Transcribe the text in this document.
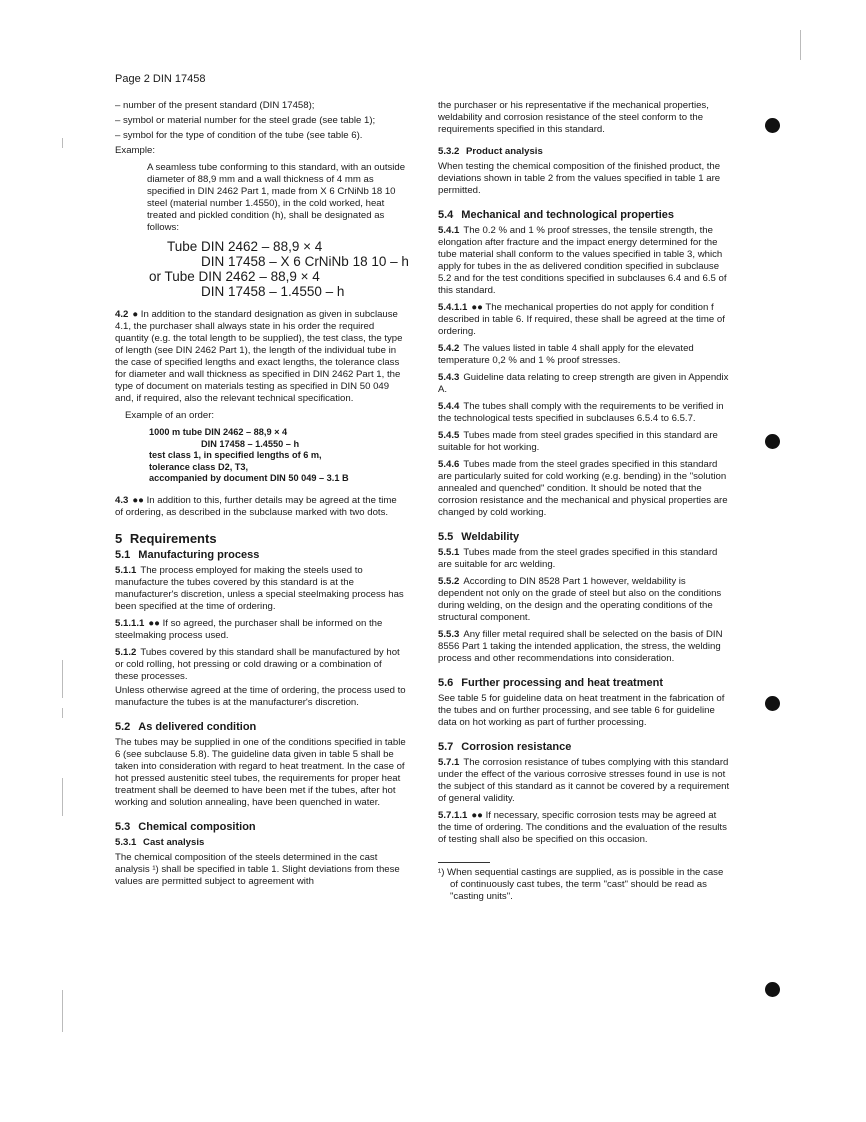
Page 2 DIN 17458

– number of the present standard (DIN 17458);

– symbol or material number for the steel grade (see table 1);

– symbol for the type of condition of the tube (see table 6).

Example:

A seamless tube conforming to this standard, with an outside diameter of 88,9 mm and a wall thickness of 4 mm as specified in DIN 2462 Part 1, made from X 6 CrNiNb 18 10 steel (material number 1.4550), in the cold worked, heat treated and pickled condition (h), shall be designated as follows:

Tube DIN 2462 – 88,9 × 4
DIN 17458 – X 6 CrNiNb 18 10 – h
or Tube DIN 2462 – 88,9 × 4
DIN 17458 – 1.4550 – h

4.2 ● In addition to the standard designation as given in subclause 4.1, the purchaser shall always state in his order the required quantity (e.g. the total length to be supplied), the test class, the type of length (see DIN 2462 Part 1), the length of the individual tube in the case of specified lengths and exact lengths, the tolerance class for diameter and wall thickness as specified in DIN 2462 Part 1, the type of document on materials testing as specified in DIN 50 049 and, if required, also the relevant technical specification.

Example of an order:

1000 m tube DIN 2462 – 88,9 × 4
DIN 17458 – 1.4550 – h
test class 1, in specified lengths of 6 m,
tolerance class D2, T3,
accompanied by document DIN 50 049 – 3.1 B

4.3 ●● In addition to this, further details may be agreed at the time of ordering, as described in the subclause marked with two dots.

5 Requirements
5.1 Manufacturing process

5.1.1 The process employed for making the steels used to manufacture the tubes covered by this standard is at the manufacturer's discretion, unless a special steelmaking process has been specified at the time of ordering.

5.1.1.1 ●● If so agreed, the purchaser shall be informed on the steelmaking process used.

5.1.2 Tubes covered by this standard shall be manufactured by hot or cold rolling, hot pressing or cold drawing or a combination of these processes.

Unless otherwise agreed at the time of ordering, the process used to manufacture the tubes is at the manufacturer's discretion.

5.2 As delivered condition

The tubes may be supplied in one of the conditions specified in table 6 (see subclause 5.8). The guideline data given in table 5 shall be taken into consideration with regard to heat treatment. In the case of hot pressed austenitic steel tubes, the requirements for proper heat treatment shall be deemed to have been met if the tubes, after hot working and solution annealing, have been quenched in water.

5.3 Chemical composition
5.3.1 Cast analysis

The chemical composition of the steels determined in the cast analysis ¹) shall be specified in table 1. Slight deviations from these values are permitted subject to agreement with

the purchaser or his representative if the mechanical properties, weldability and corrosion resistance of the steel conform to the requirements specified in this standard.

5.3.2 Product analysis

When testing the chemical composition of the finished product, the deviations shown in table 2 from the values specified in table 1 are permitted.

5.4 Mechanical and technological properties

5.4.1 The 0.2 % and 1 % proof stresses, the tensile strength, the elongation after fracture and the impact energy determined for the tube material shall conform to the values specified in table 3, which apply for tubes in the as delivered condition specified in subclause 5.2 and for the test conditions specified in subclauses 6.4 and 6.5 of this standard.

5.4.1.1 ●● The mechanical properties do not apply for condition f described in table 6. If required, these shall be agreed at the time of ordering.

5.4.2 The values listed in table 4 shall apply for the elevated temperature 0,2 % and 1 % proof stresses.

5.4.3 Guideline data relating to creep strength are given in Appendix A.

5.4.4 The tubes shall comply with the requirements to be verified in the technological tests specified in subclauses 6.5.4 to 6.5.7.

5.4.5 Tubes made from steel grades specified in this standard are suitable for hot working.

5.4.6 Tubes made from the steel grades specified in this standard are particularly suited for cold working (e.g. bending) in the "solution annealed and quenched" condition. It should be noted that the corrosion resistance and the mechanical and physical properties are changed by cold working.

5.5 Weldability

5.5.1 Tubes made from the steel grades specified in this standard are suitable for arc welding.

5.5.2 According to DIN 8528 Part 1 however, weldability is dependent not only on the grade of steel but also on the conditions during welding, on the design and the operating conditions of the structural component.

5.5.3 Any filler metal required shall be selected on the basis of DIN 8556 Part 1 taking the intended application, the stress, the welding process and other recommendations into consideration.

5.6 Further processing and heat treatment

See table 5 for guideline data on heat treatment in the fabrication of the tubes and on further processing, and see table 6 for guideline data on hot working as part of further processing.

5.7 Corrosion resistance

5.7.1 The corrosion resistance of tubes complying with this standard under the effect of the various corrosive stresses found in use is not the subject of this standard as it cannot be covered by a requirement of general validity.

5.7.1.1 ●● If necessary, specific corrosion tests may be agreed at the time of ordering. The conditions and the evaluation of the results of testing shall also be specified on this occasion.

¹) When sequential castings are supplied, as is possible in the case of continuously cast tubes, the term "cast" should be read as "casting units".
